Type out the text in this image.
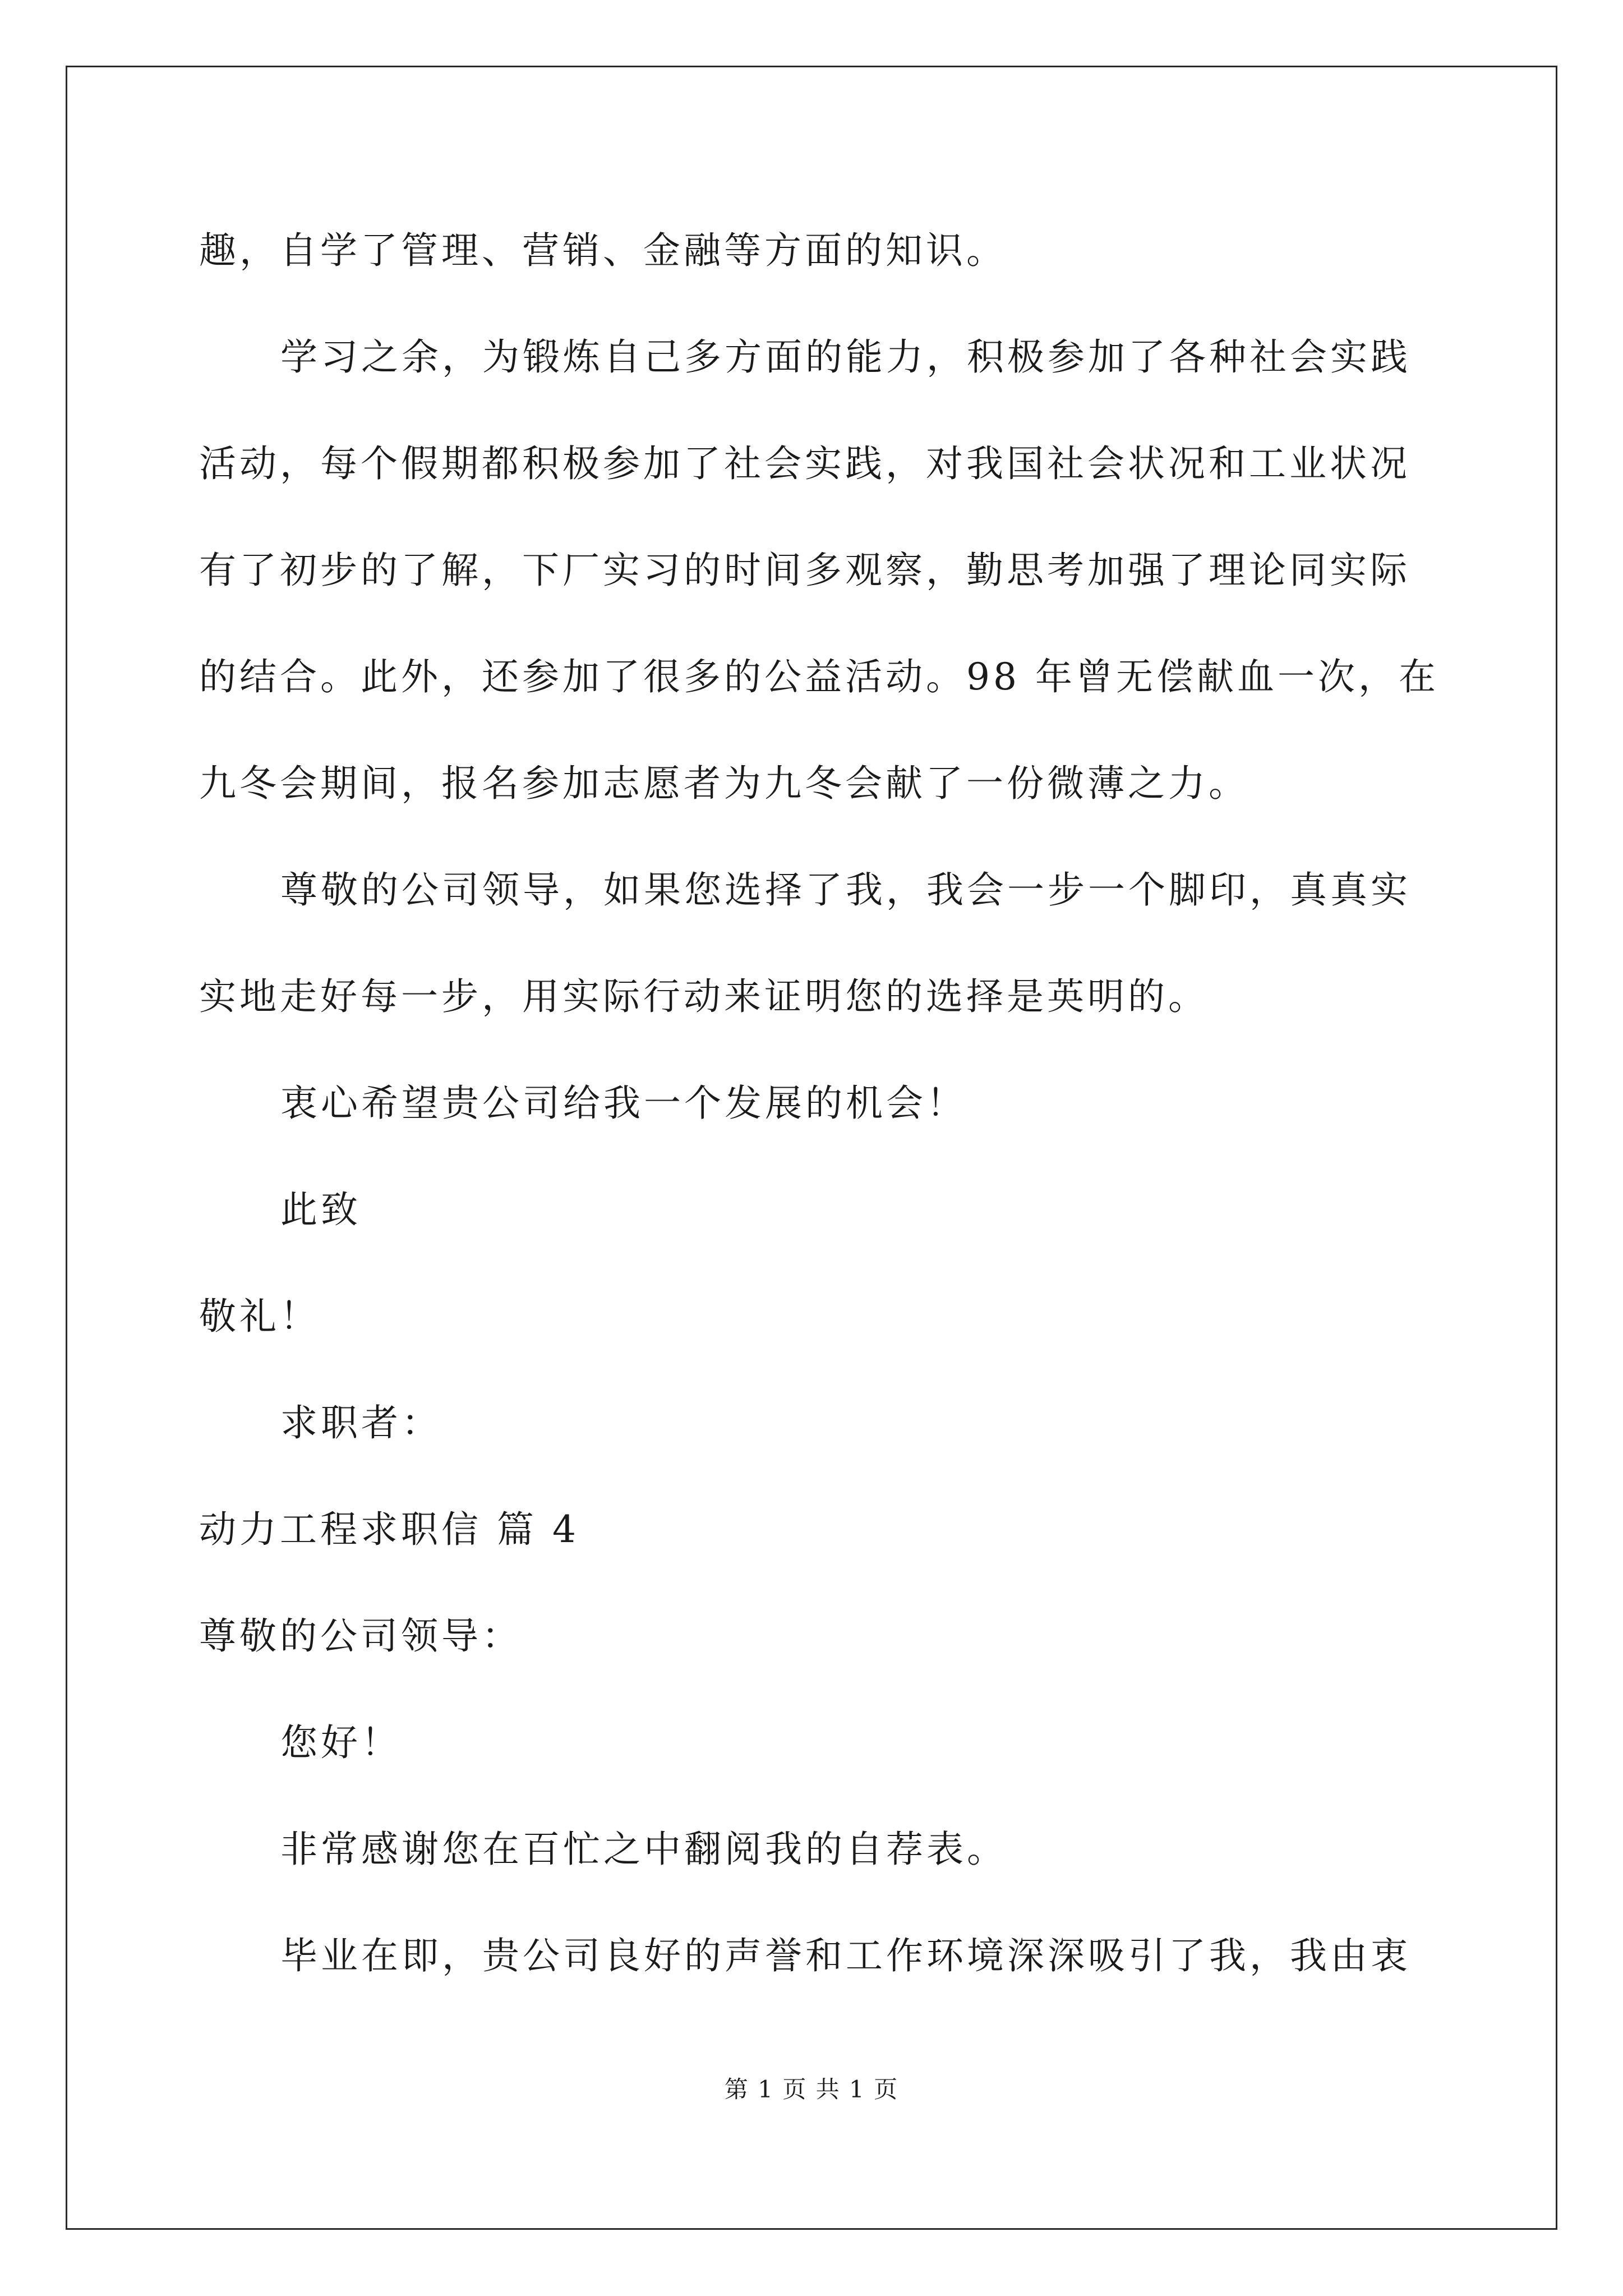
趣，自学了管理、营销、金融等方面的知识。
学习之余，为锻炼自己多方面的能力，积极参加了各种社会实践
活动，每个假期都积极参加了社会实践，对我国社会状况和工业状况
有了初步的了解，下厂实习的时间多观察，勤思考加强了理论同实际
的结合。此外，还参加了很多的公益活动。98 年曾无偿献血一次，在
九冬会期间，报名参加志愿者为九冬会献了一份微薄之力。
尊敬的公司领导，如果您选择了我，我会一步一个脚印，真真实
实地走好每一步，用实际行动来证明您的选择是英明的。
衷心希望贵公司给我一个发展的机会！
此致
敬礼！
求职者：
动力工程求职信 篇 4
尊敬的公司领导：
您好！
非常感谢您在百忙之中翻阅我的自荐表。
毕业在即，贵公司良好的声誉和工作环境深深吸引了我，我由衷
第 1 页 共 1 页
